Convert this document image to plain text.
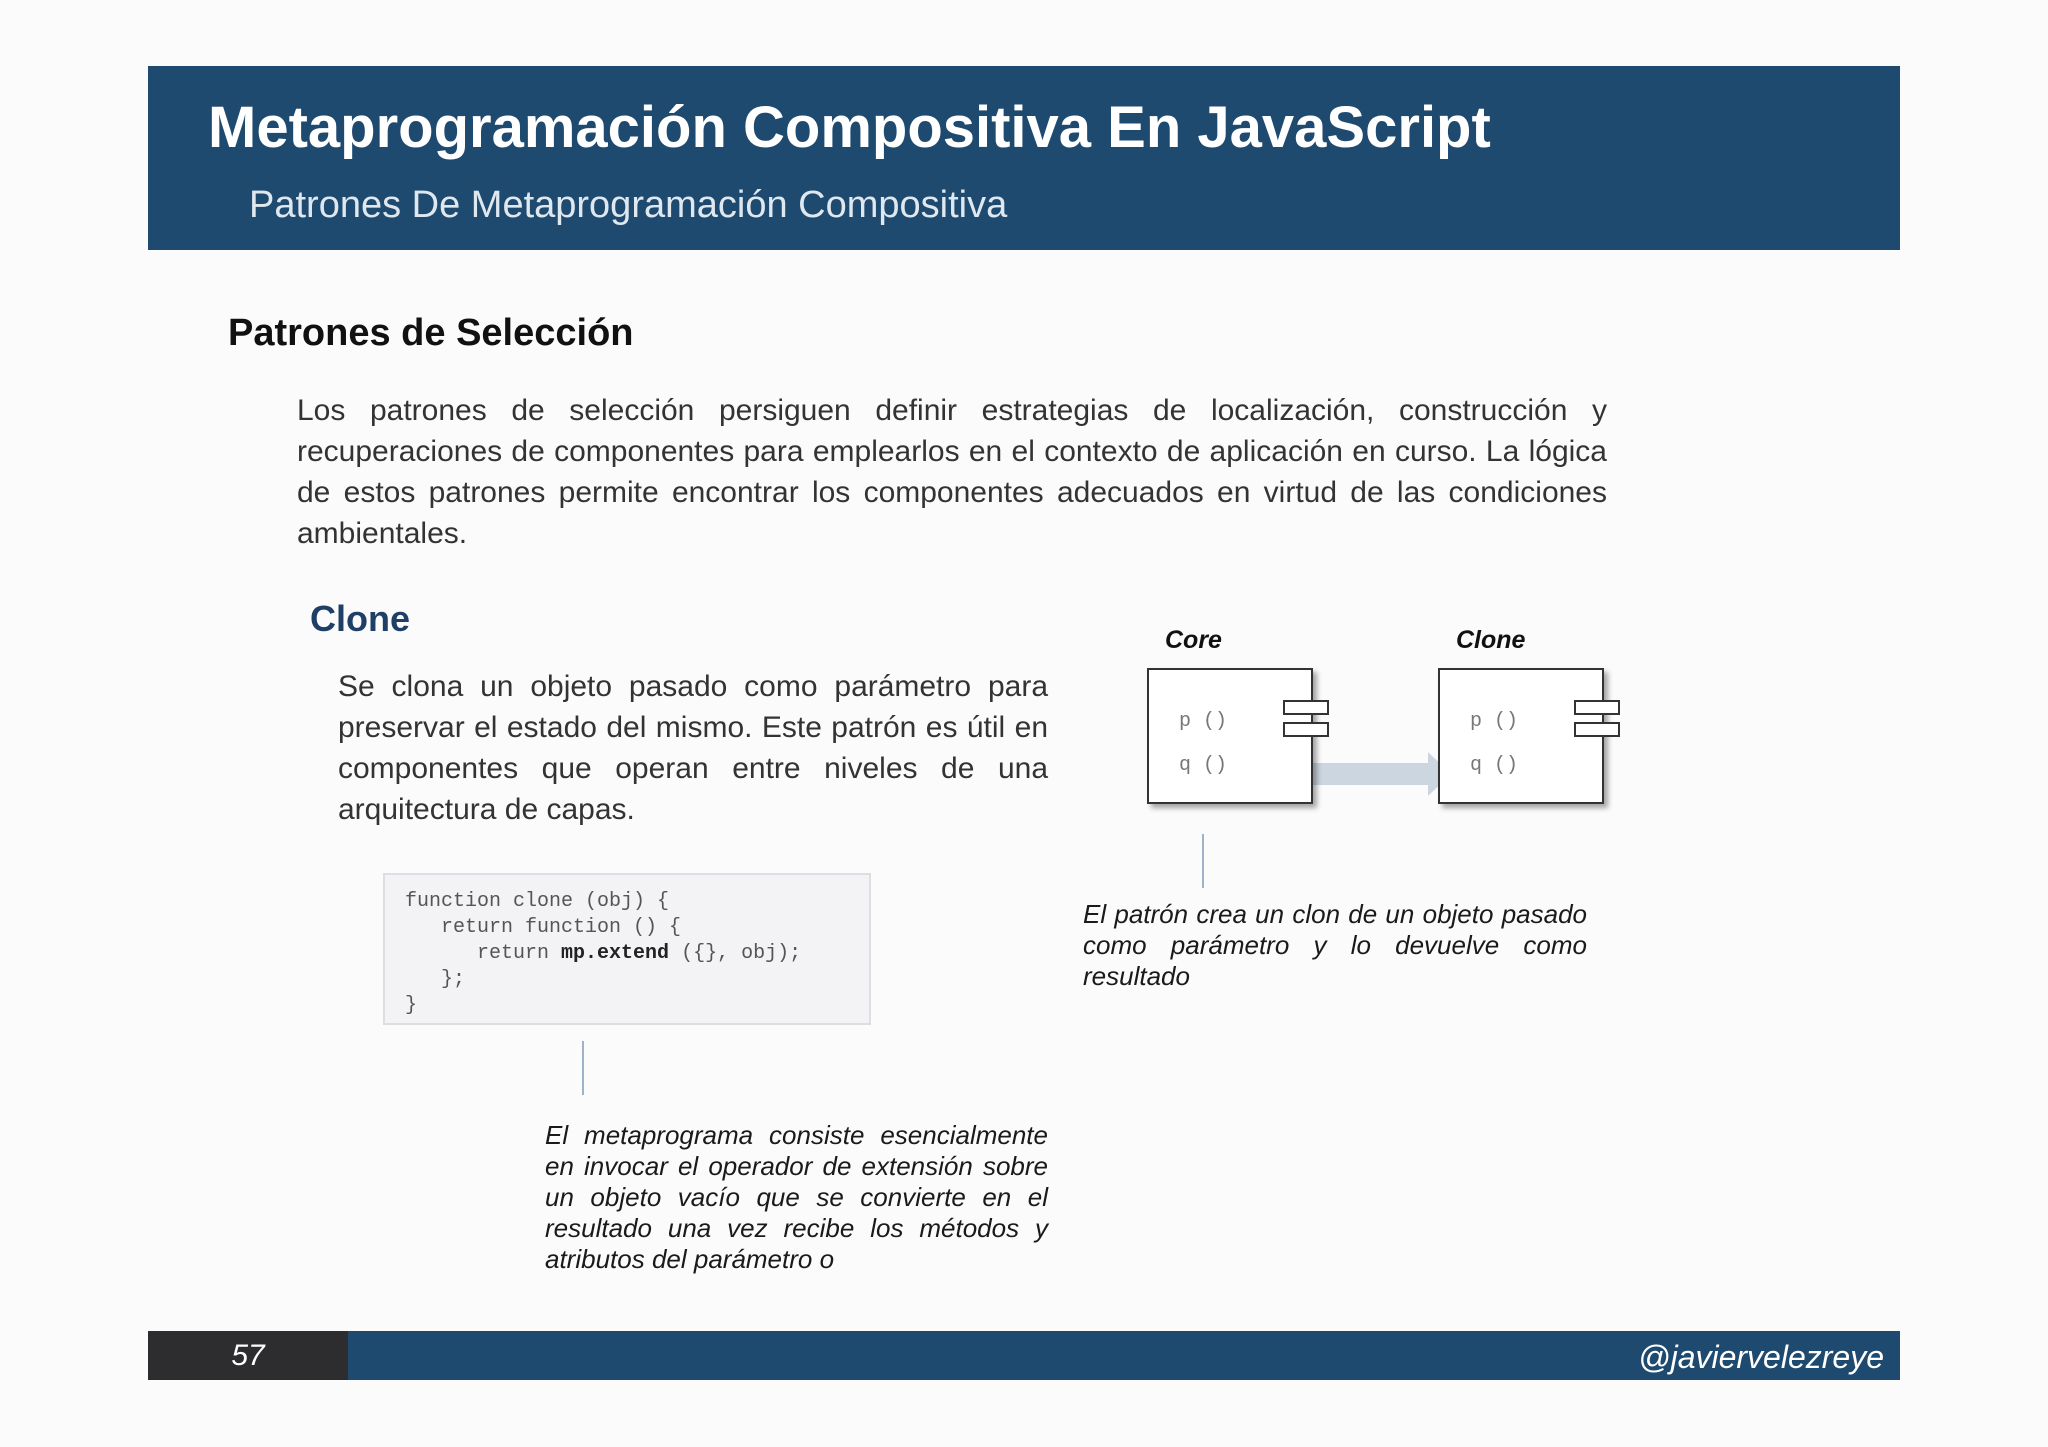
Metaprogramación Compositiva En JavaScript
Patrones De Metaprogramación Compositiva
Patrones de Selección
Los patrones de selección persiguen definir estrategias de localización, construcción y recuperaciones de componentes para emplearlos en el contexto de aplicación en curso. La lógica de estos patrones permite encontrar los componentes adecuados en virtud de las condiciones ambientales.
Clone
Se clona un objeto pasado como parámetro para preservar el estado del mismo. Este patrón es útil en componentes que operan entre niveles de una arquitectura de capas.
function clone (obj) {
return function () {
return mp.extend ({}, obj);
};
}
El metaprograma consiste esencialmente en invocar el operador de extensión sobre un objeto vacío que se convierte en el resultado una vez recibe los métodos y atributos del parámetro o
Core	Clone
p ()
q ()
p ()
q ()
El patrón crea un clon de un objeto pasado como parámetro y lo devuelve como resultado
57	@javiervelezreye
